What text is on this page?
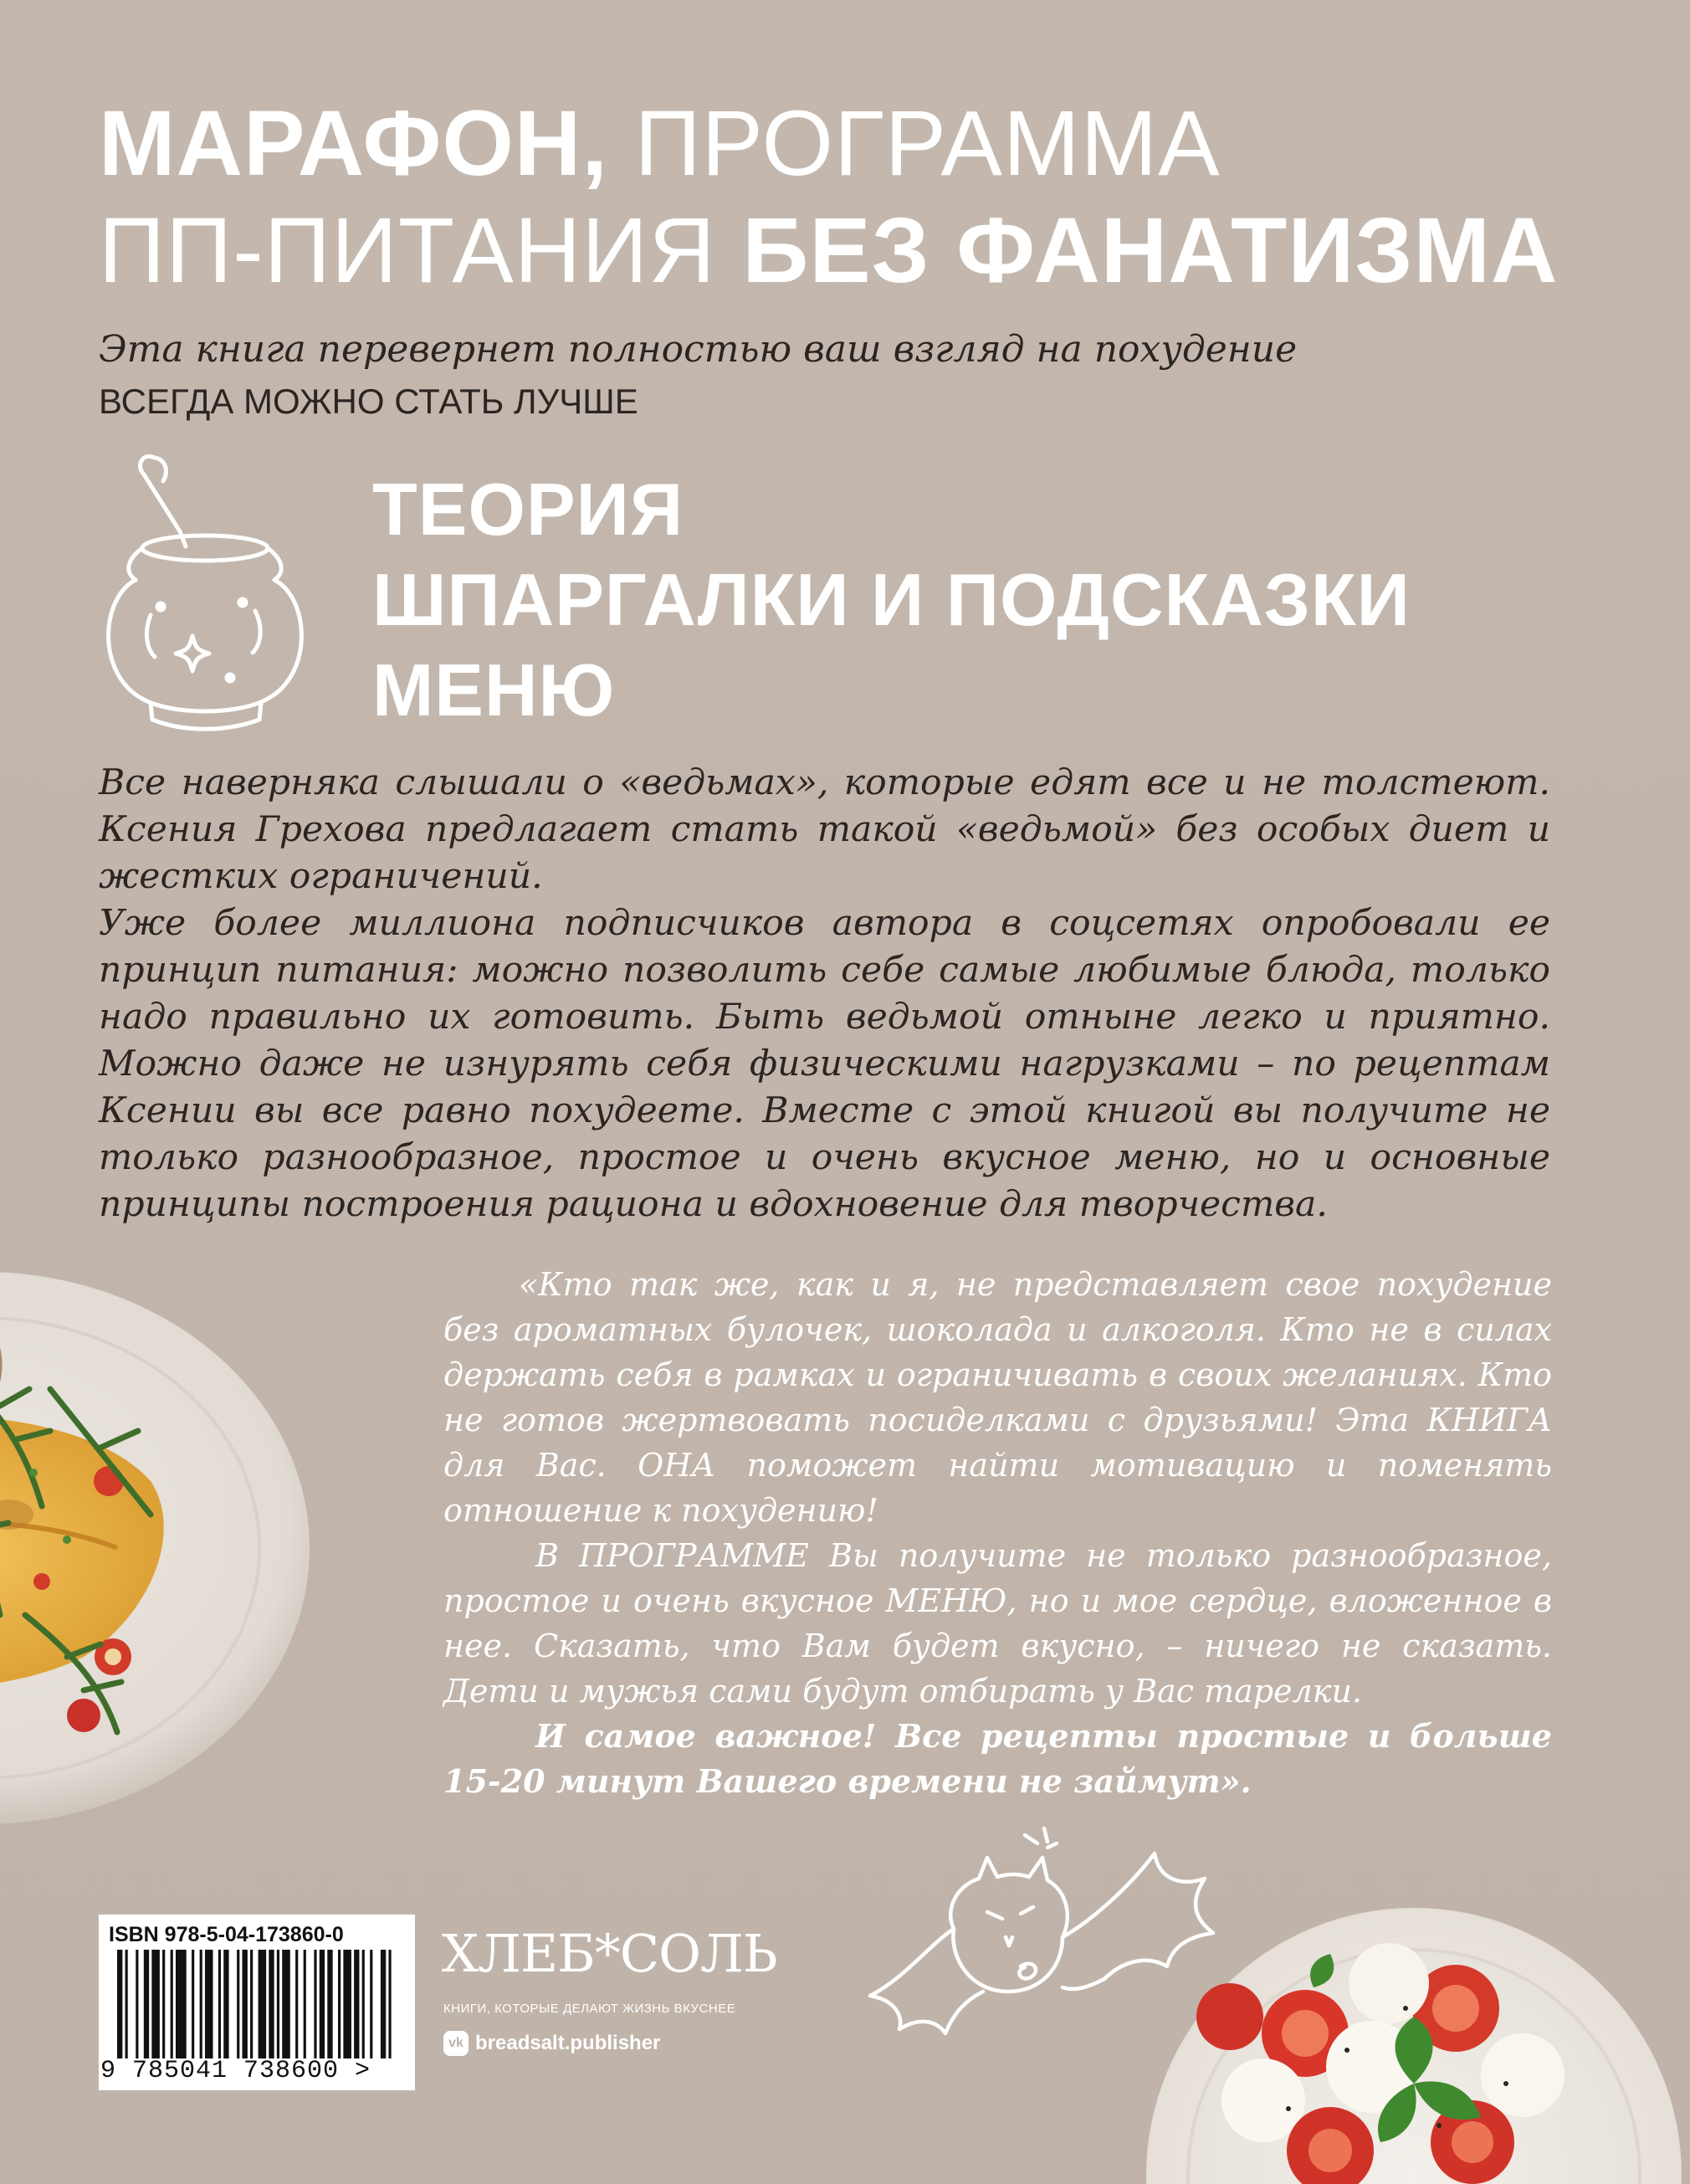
МАРАФОН, ПРОГРАММА
ПП-ПИТАНИЯ БЕЗ ФАНАТИЗМА
Эта книга перевернет полностью ваш взгляд на похудение
ВСЕГДА МОЖНО СТАТЬ ЛУЧШЕ
ТЕОРИЯ
ШПАРГАЛКИ И ПОДСКАЗКИ
МЕНЮ

Все наверняка слышали о «ведьмах», которые едят все и не толстеют. Ксения Грехова предлагает стать такой «ведьмой» без особых диет и жестких ограничений.

Уже более миллиона подписчиков автора в соцсетях опробовали ее принцип питания: можно позволить себе самые любимые блюда, только надо правильно их готовить. Быть ведьмой отныне легко и приятно. Можно даже не изнурять себя физическими нагрузками – по рецептам Ксении вы все равно похудеете. Вместе с этой книгой вы получите не только разнообразное, простое и очень вкусное меню, но и основные принципы построения рациона и вдохновение для творчества.

«Кто так же, как и я, не представляет свое похудение без ароматных булочек, шоколада и алкоголя. Кто не в силах держать себя в рамках и ограничивать в своих желаниях. Кто не готов жертвовать посиделками с друзьями! Эта КНИГА для Вас. ОНА поможет найти мотивацию и поменять отношение к похудению!

В ПРОГРАММЕ Вы получите не только разнообразное, простое и очень вкусное МЕНЮ, но и мое сердце, вложенное в нее. Сказать, что Вам будет вкусно, – ничего не сказать. Дети и мужья сами будут отбирать у Вас тарелки.

И самое важное! Все рецепты простые и больше 15-20 минут Вашего времени не займут».

ISBN 978-5-04-173860-0
9 785041 738600 >
ХЛЕБ*СОЛЬ
КНИГИ, КОТОРЫЕ ДЕЛАЮТ ЖИЗНЬ ВКУСНЕЕ
vk breadsalt.publisher
